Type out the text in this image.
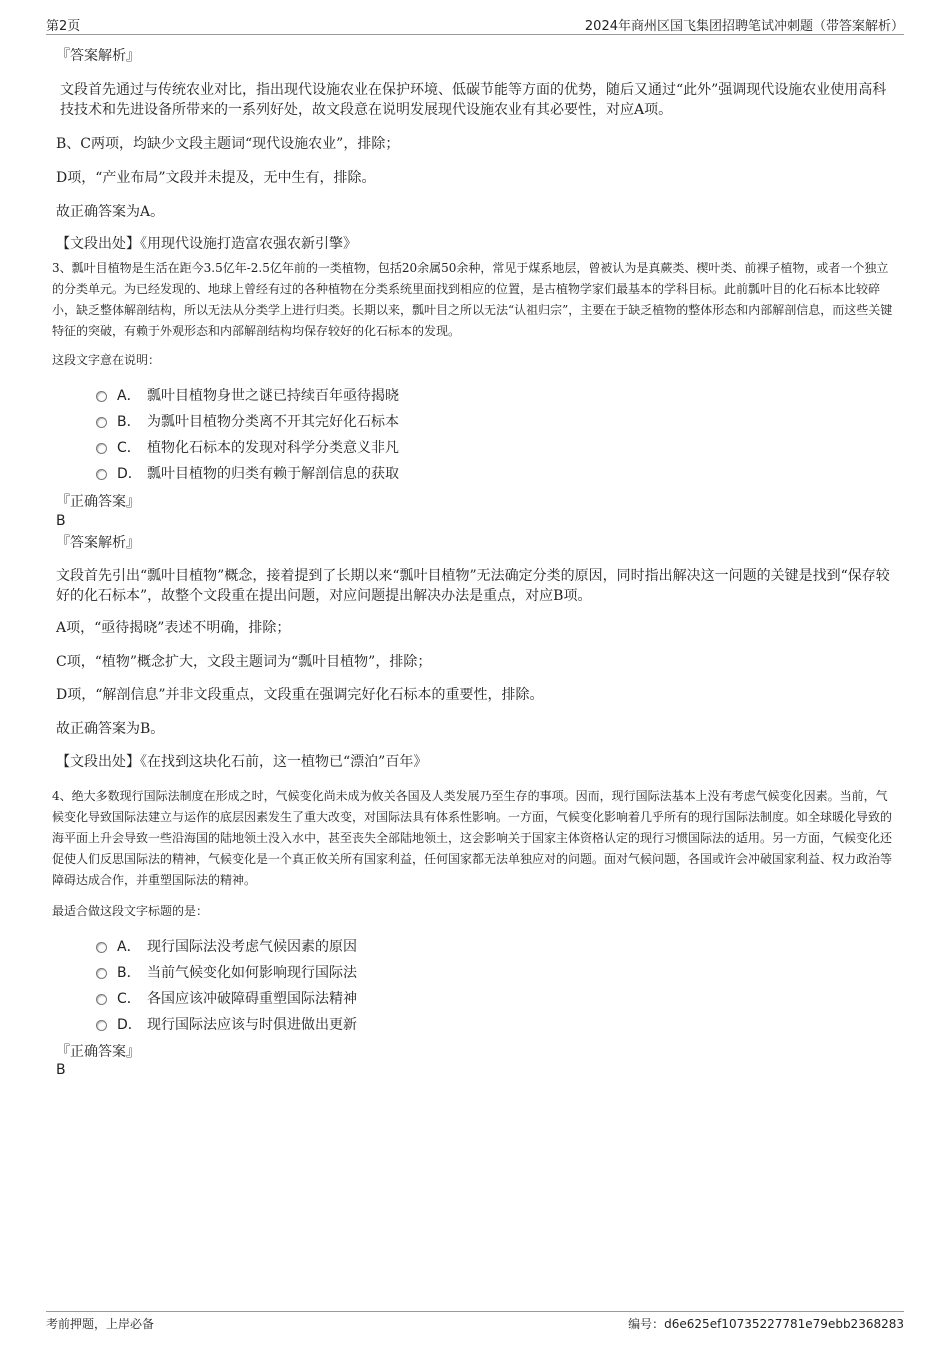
第2页	2024年商州区国飞集团招聘笔试冲刺题（带答案解析）
『答案解析』
文段首先通过与传统农业对比，指出现代设施农业在保护环境、低碳节能等方面的优势，随后又通过“此外”强调现代设施农业使用高科技技术和先进设备所带来的一系列好处，故文段意在说明发展现代设施农业有其必要性，对应A项。
B、C两项，均缺少文段主题词“现代设施农业”，排除；
D项，“产业布局”文段并未提及，无中生有，排除。
故正确答案为A。
【文段出处】《用现代设施打造富农强农新引擎》
3、瓢叶目植物是生活在距今3.5亿年-2.5亿年前的一类植物，包括20余属50余种，常见于煤系地层，曾被认为是真蕨类、楔叶类、前裸子植物，或者一个独立的分类单元。为已经发现的、地球上曾经有过的各种植物在分类系统里面找到相应的位置，是古植物学家们最基本的学科目标。此前瓢叶目的化石标本比较碎小，缺乏整体解剖结构，所以无法从分类学上进行归类。长期以来，瓢叶目之所以无法“认祖归宗”，主要在于缺乏植物的整体形态和内部解剖信息，而这些关键特征的突破，有赖于外观形态和内部解剖结构均保存较好的化石标本的发现。
这段文字意在说明：
A． 瓢叶目植物身世之谜已持续百年亟待揭晓
B． 为瓢叶目植物分类离不开其完好化石标本
C． 植物化石标本的发现对科学分类意义非凡
D． 瓢叶目植物的归类有赖于解剖信息的获取
『正确答案』
B
『答案解析』
文段首先引出“瓢叶目植物”概念，接着提到了长期以来“瓢叶目植物”无法确定分类的原因，同时指出解决这一问题的关键是找到“保存较好的化石标本”，故整个文段重在提出问题，对应问题提出解决办法是重点，对应B项。
A项，“亟待揭晓”表述不明确，排除；
C项，“植物”概念扩大，文段主题词为“瓢叶目植物”，排除；
D项，“解剖信息”并非文段重点，文段重在强调完好化石标本的重要性，排除。
故正确答案为B。
【文段出处】《在找到这块化石前，这一植物已“漂泊”百年》
4、绝大多数现行国际法制度在形成之时，气候变化尚未成为攸关各国及人类发展乃至生存的事项。因而，现行国际法基本上没有考虑气候变化因素。当前，气候变化导致国际法建立与运作的底层因素发生了重大改变，对国际法具有体系性影响。一方面，气候变化影响着几乎所有的现行国际法制度。如全球暖化导致的海平面上升会导致一些沿海国的陆地领土没入水中，甚至丧失全部陆地领土，这会影响关于国家主体资格认定的现行习惯国际法的适用。另一方面，气候变化还促使人们反思国际法的精神，气候变化是一个真正攸关所有国家利益，任何国家都无法单独应对的问题。面对气候问题，各国或许会冲破国家利益、权力政治等障碍达成合作，并重塑国际法的精神。
最适合做这段文字标题的是：
A． 现行国际法没考虑气候因素的原因
B． 当前气候变化如何影响现行国际法
C． 各国应该冲破障碍重塑国际法精神
D． 现行国际法应该与时俱进做出更新
『正确答案』
B
考前押题，上岸必备	编号：d6e625ef10735227781e79ebb2368283
